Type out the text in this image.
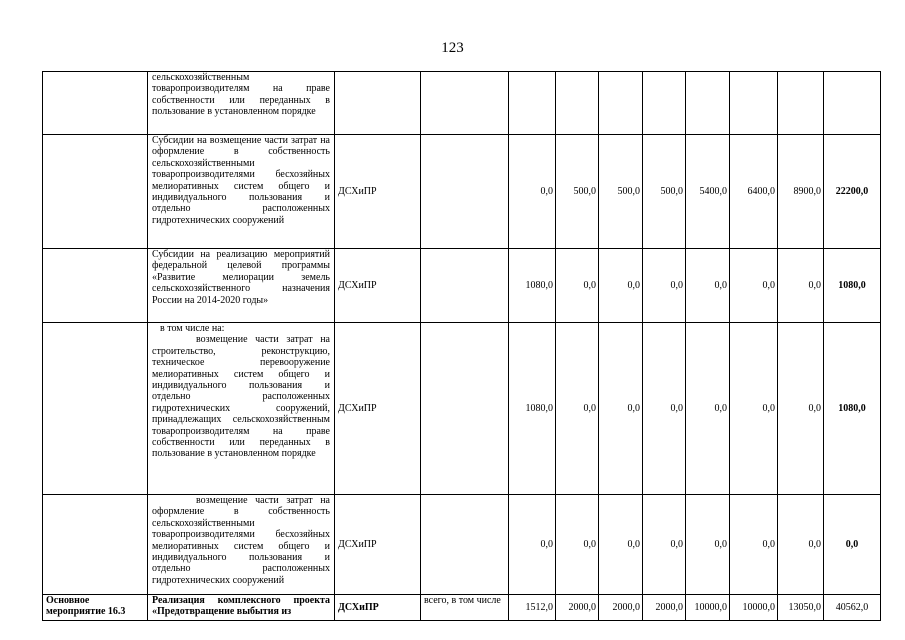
123
	сельскохозяйственным товаропроизводителям на праве собственности или переданных в пользование в установленном порядке										
	Субсидии на возмещение части затрат на оформление в собственность сельскохозяйственными товаропроизводителями бесхозяйных мелиоративных систем общего и индивидуального пользования и отдельно расположенных гидротехнических сооружений	ДСХиПР		0,0	500,0	500,0	500,0	5400,0	6400,0	8900,0	22200,0
	Субсидии на реализацию мероприятий федеральной целевой программы «Развитие мелиорации земель сельскохозяйственного назначения России на 2014-2020 годы»	ДСХиПР		1080,0	0,0	0,0	0,0	0,0	0,0	0,0	1080,0

	в том числе на:
возмещение части затрат на строительство, реконструкцию, техническое перевооружение мелиоративных систем общего и индивидуального пользования и отдельно расположенных гидротехнических сооружений, принадлежащих сельскохозяйственным товаропроизводителям на праве собственности или переданных в пользование в установленном порядке	ДСХиПР		1080,0	0,0	0,0	0,0	0,0	0,0	0,0	1080,0

	возмещение части затрат на оформление в собственность сельскохозяйственными товаропроизводителями бесхозяйных мелиоративных систем общего и индивидуального пользования и отдельно расположенных гидротехнических сооружений	ДСХиПР		0,0	0,0	0,0	0,0	0,0	0,0	0,0	0,0
Основное мероприятие 16.3	Реализация комплексного проекта «Предотвращение выбытия из	ДСХиПР	всего, в том числе	1512,0	2000,0	2000,0	2000,0	10000,0	10000,0	13050,0	40562,0
